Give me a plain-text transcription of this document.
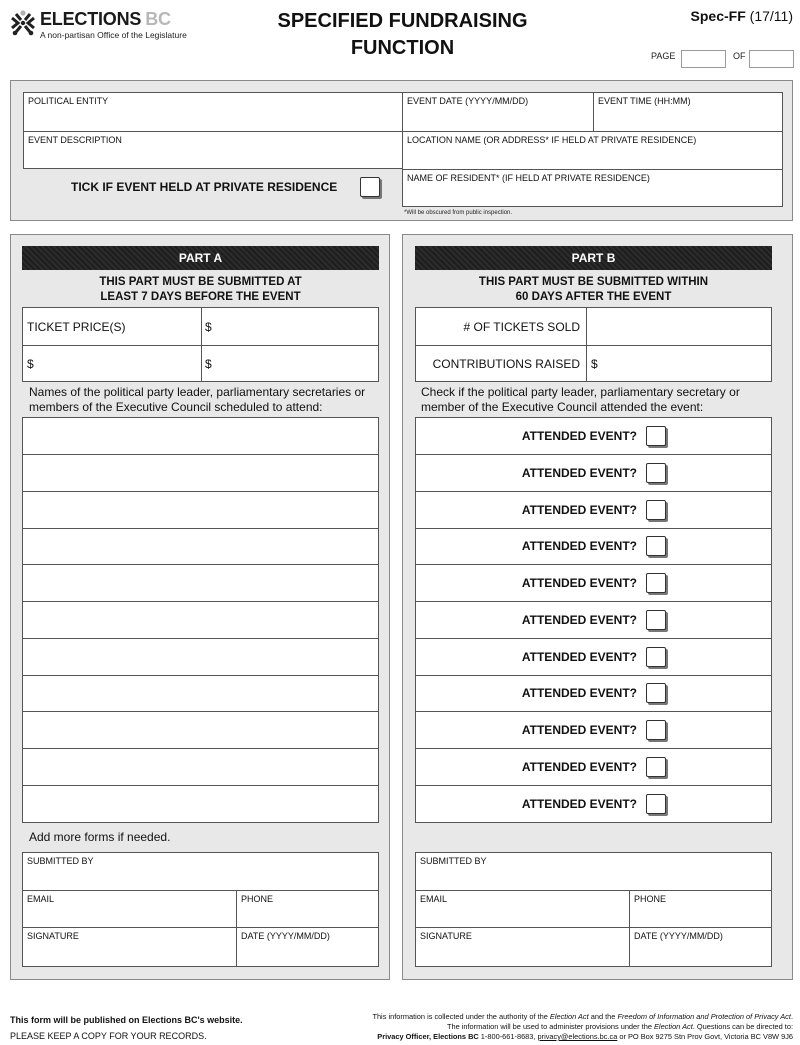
ELECTIONS BC
A non-partisan Office of the Legislature
SPECIFIED FUNDRAISING
FUNCTION
Spec-FF (17/11)
PAGE	OF
POLITICAL ENTITY
EVENT DESCRIPTION
TICK IF EVENT HELD AT PRIVATE RESIDENCE
EVENT DATE (YYYY/MM/DD)	EVENT TIME (HH:MM)
LOCATION NAME (OR ADDRESS* IF HELD AT PRIVATE RESIDENCE)
NAME OF RESIDENT* (IF HELD AT PRIVATE RESIDENCE)
*Will be obscured from public inspection.
PART A
THIS PART MUST BE SUBMITTED AT
LEAST 7 DAYS BEFORE THE EVENT
TICKET PRICE(S)	$
$	$
Names of the political party leader, parliamentary secretaries or members of the Executive Council scheduled to attend:
Add more forms if needed.
SUBMITTED BY
EMAIL	PHONE
SIGNATURE	DATE (YYYY/MM/DD)
PART B
THIS PART MUST BE SUBMITTED WITHIN
60 DAYS AFTER THE EVENT
# OF TICKETS SOLD
CONTRIBUTIONS RAISED $
Check if the political party leader, parliamentary secretary or member of the Executive Council attended the event:
ATTENDED EVENT?
ATTENDED EVENT?
ATTENDED EVENT?
ATTENDED EVENT?
ATTENDED EVENT?
ATTENDED EVENT?
ATTENDED EVENT?
ATTENDED EVENT?
ATTENDED EVENT?
ATTENDED EVENT?
ATTENDED EVENT?
SUBMITTED BY
EMAIL	PHONE
SIGNATURE	DATE (YYYY/MM/DD)
This form will be published on Elections BC's website.
PLEASE KEEP A COPY FOR YOUR RECORDS.
This information is collected under the authority of the Election Act and the Freedom of Information and Protection of Privacy Act.
The information will be used to administer provisions under the Election Act. Questions can be directed to:
Privacy Officer, Elections BC 1-800-661-8683, privacy@elections.bc.ca or PO Box 9275 Stn Prov Govt, Victoria BC V8W 9J6
